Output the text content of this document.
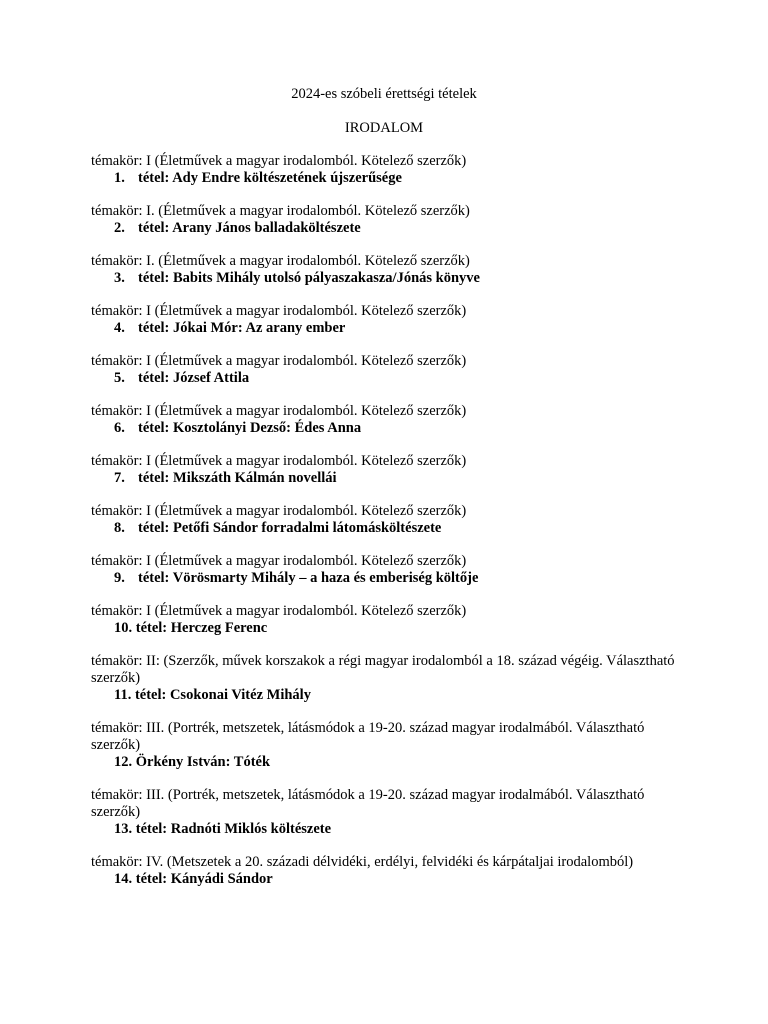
2024-es szóbeli érettségi tételek
IRODALOM
témakör: I (Életművek a magyar irodalomból. Kötelező szerzők)
1. tétel: Ady Endre költészetének újszerűsége
témakör: I. (Életművek a magyar irodalomból. Kötelező szerzők)
2. tétel: Arany János balladaköltészete
témakör: I. (Életművek a magyar irodalomból. Kötelező szerzők)
3. tétel: Babits Mihály utolsó pályaszakasza/Jónás könyve
témakör: I (Életművek a magyar irodalomból. Kötelező szerzők)
4. tétel: Jókai Mór: Az arany ember
témakör: I (Életművek a magyar irodalomból. Kötelező szerzők)
5. tétel: József Attila
témakör: I (Életművek a magyar irodalomból. Kötelező szerzők)
6. tétel: Kosztolányi Dezső: Édes Anna
témakör: I (Életművek a magyar irodalomból. Kötelező szerzők)
7. tétel: Mikszáth Kálmán novellái
témakör: I (Életművek a magyar irodalomból. Kötelező szerzők)
8. tétel: Petőfi Sándor forradalmi látomásköltészete
témakör: I (Életművek a magyar irodalomból. Kötelező szerzők)
9. tétel: Vörösmarty Mihály – a haza és emberiség költője
témakör: I (Életművek a magyar irodalomból. Kötelező szerzők)
10. tétel: Herczeg Ferenc
témakör: II: (Szerzők, művek korszakok a régi magyar irodalomból a 18. század végéig. Választható szerzők)
11. tétel: Csokonai Vitéz Mihály
témakör: III. (Portrék, metszetek, látásmódok a 19-20. század magyar irodalmából. Választható szerzők)
12. Örkény István: Tóték
témakör: III. (Portrék, metszetek, látásmódok a 19-20. század magyar irodalmából. Választható szerzők)
13. tétel: Radnóti Miklós költészete
témakör: IV. (Metszetek a 20. századi délvidéki, erdélyi, felvidéki és kárpátaljai irodalomból)
14. tétel: Kányádi Sándor
